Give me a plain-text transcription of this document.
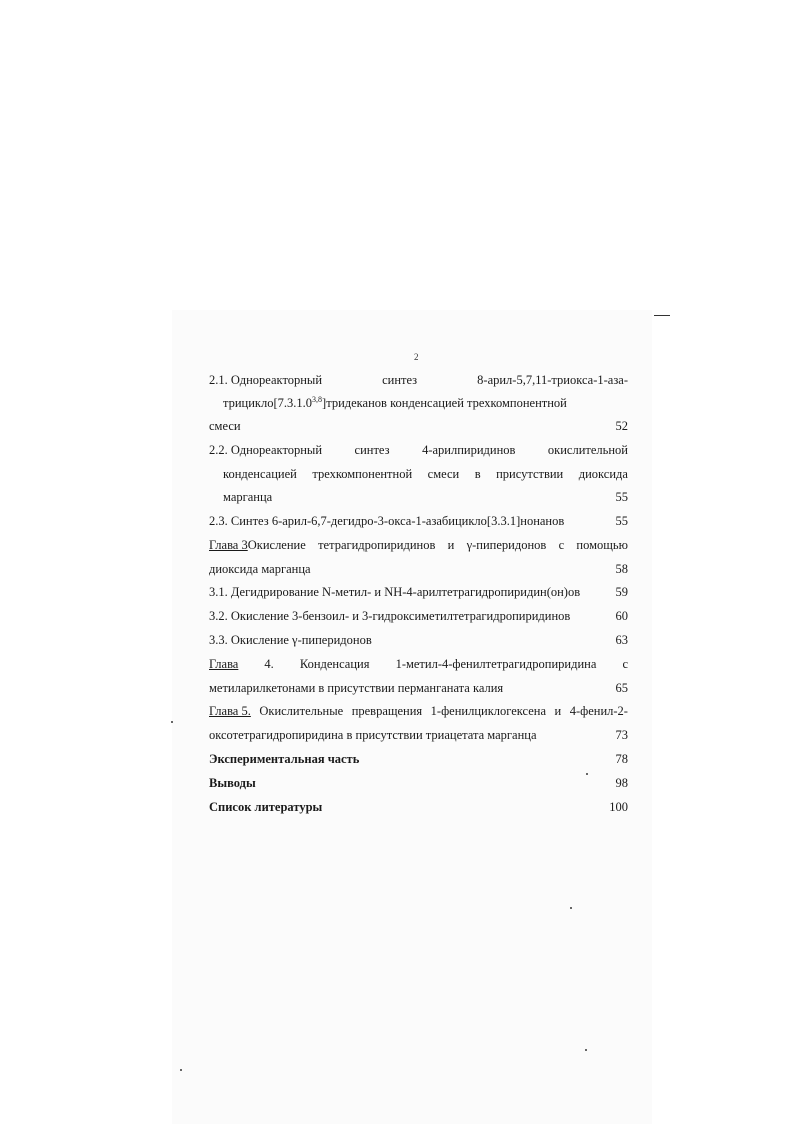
2
2.1. Однореакторный	синтез	8-арил-5,7,11-триокса-1-аза-
трицикло[7.3.1.0$^{3,8}$]тридеканов конденсацией трехкомпонентной
смеси	52
2.2. Однореакторный	синтез	4-арилпиридинов	окислительной
конденсацией трехкомпонентной смеси в присутствии диоксида
марганца	55
2.3. Синтез 6-арил-6,7-дегидро-3-окса-1-азабицикло[3.3.1]нонанов	55
Глава 3Окисление тетрагидропиридинов и γ-пиперидонов с помощью
диоксида марганца	58
3.1. Дегидрирование N-метил- и NH-4-арилтетрагидропиридин(он)ов	59
3.2. Окисление 3-бензоил- и 3-гидроксиметилтетрагидропиридинов	60
3.3. Окисление γ-пиперидонов	63
Глава 4. Конденсация 1-метил-4-фенилтетрагидропиридина с
метиларилкетонами в присутствии перманганата калия	65
Глава 5. Окислительные превращения 1-фенилциклогексена и 4-фенил-2-
оксотетрагидропиридина в присутствии триацетата марганца	73
Экспериментальная часть	78
Выводы	98
Список литературы	100
